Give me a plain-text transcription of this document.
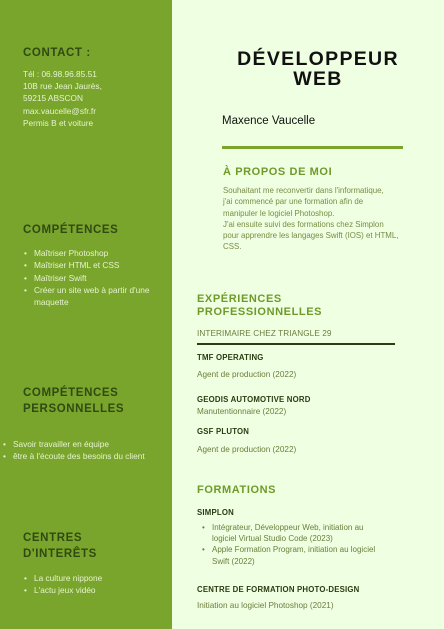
CONTACT :
Tél : 06.98.96.85.51
10B rue Jean Jaurès,
59215 ABSCON
max.vaucelle@sfr.fr
Permis B et voiture
COMPÉTENCES
• Maîtriser Photoshop
• Maîtriser HTML et CSS
• Maîtriser Swift
• Créer un site web à partir d'une maquette
COMPÉTENCES
PERSONNELLES
• Savoir travailler en équipe
• être à l'écoute des besoins du client
CENTRES
D'INTERÊTS
• La culture nippone
• L'actu jeux vidéo
DÉVELOPPEUR
WEB
Maxence Vaucelle
À PROPOS DE MOI
Souhaitant me reconvertir dans l'informatique,
j'ai commencé par une formation afin de
manipuler le logiciel Photoshop.
J'ai ensuite suivi des formations chez Simplon
pour apprendre les langages Swift (IOS) et HTML,
CSS.
EXPÉRIENCES
PROFESSIONNELLES
INTERIMAIRE CHEZ TRIANGLE 29
TMF OPERATING
Agent de production (2022)
GEODIS AUTOMOTIVE NORD
Manutentionnaire (2022)
GSF PLUTON
Agent de production (2022)
FORMATIONS
SIMPLON
• Intégrateur, Développeur Web, initiation au
logiciel Virtual Studio Code (2023)
• Apple Formation Program, initiation au logiciel
Swift (2022)
CENTRE DE FORMATION PHOTO-DESIGN
Initiation au logiciel Photoshop (2021)
